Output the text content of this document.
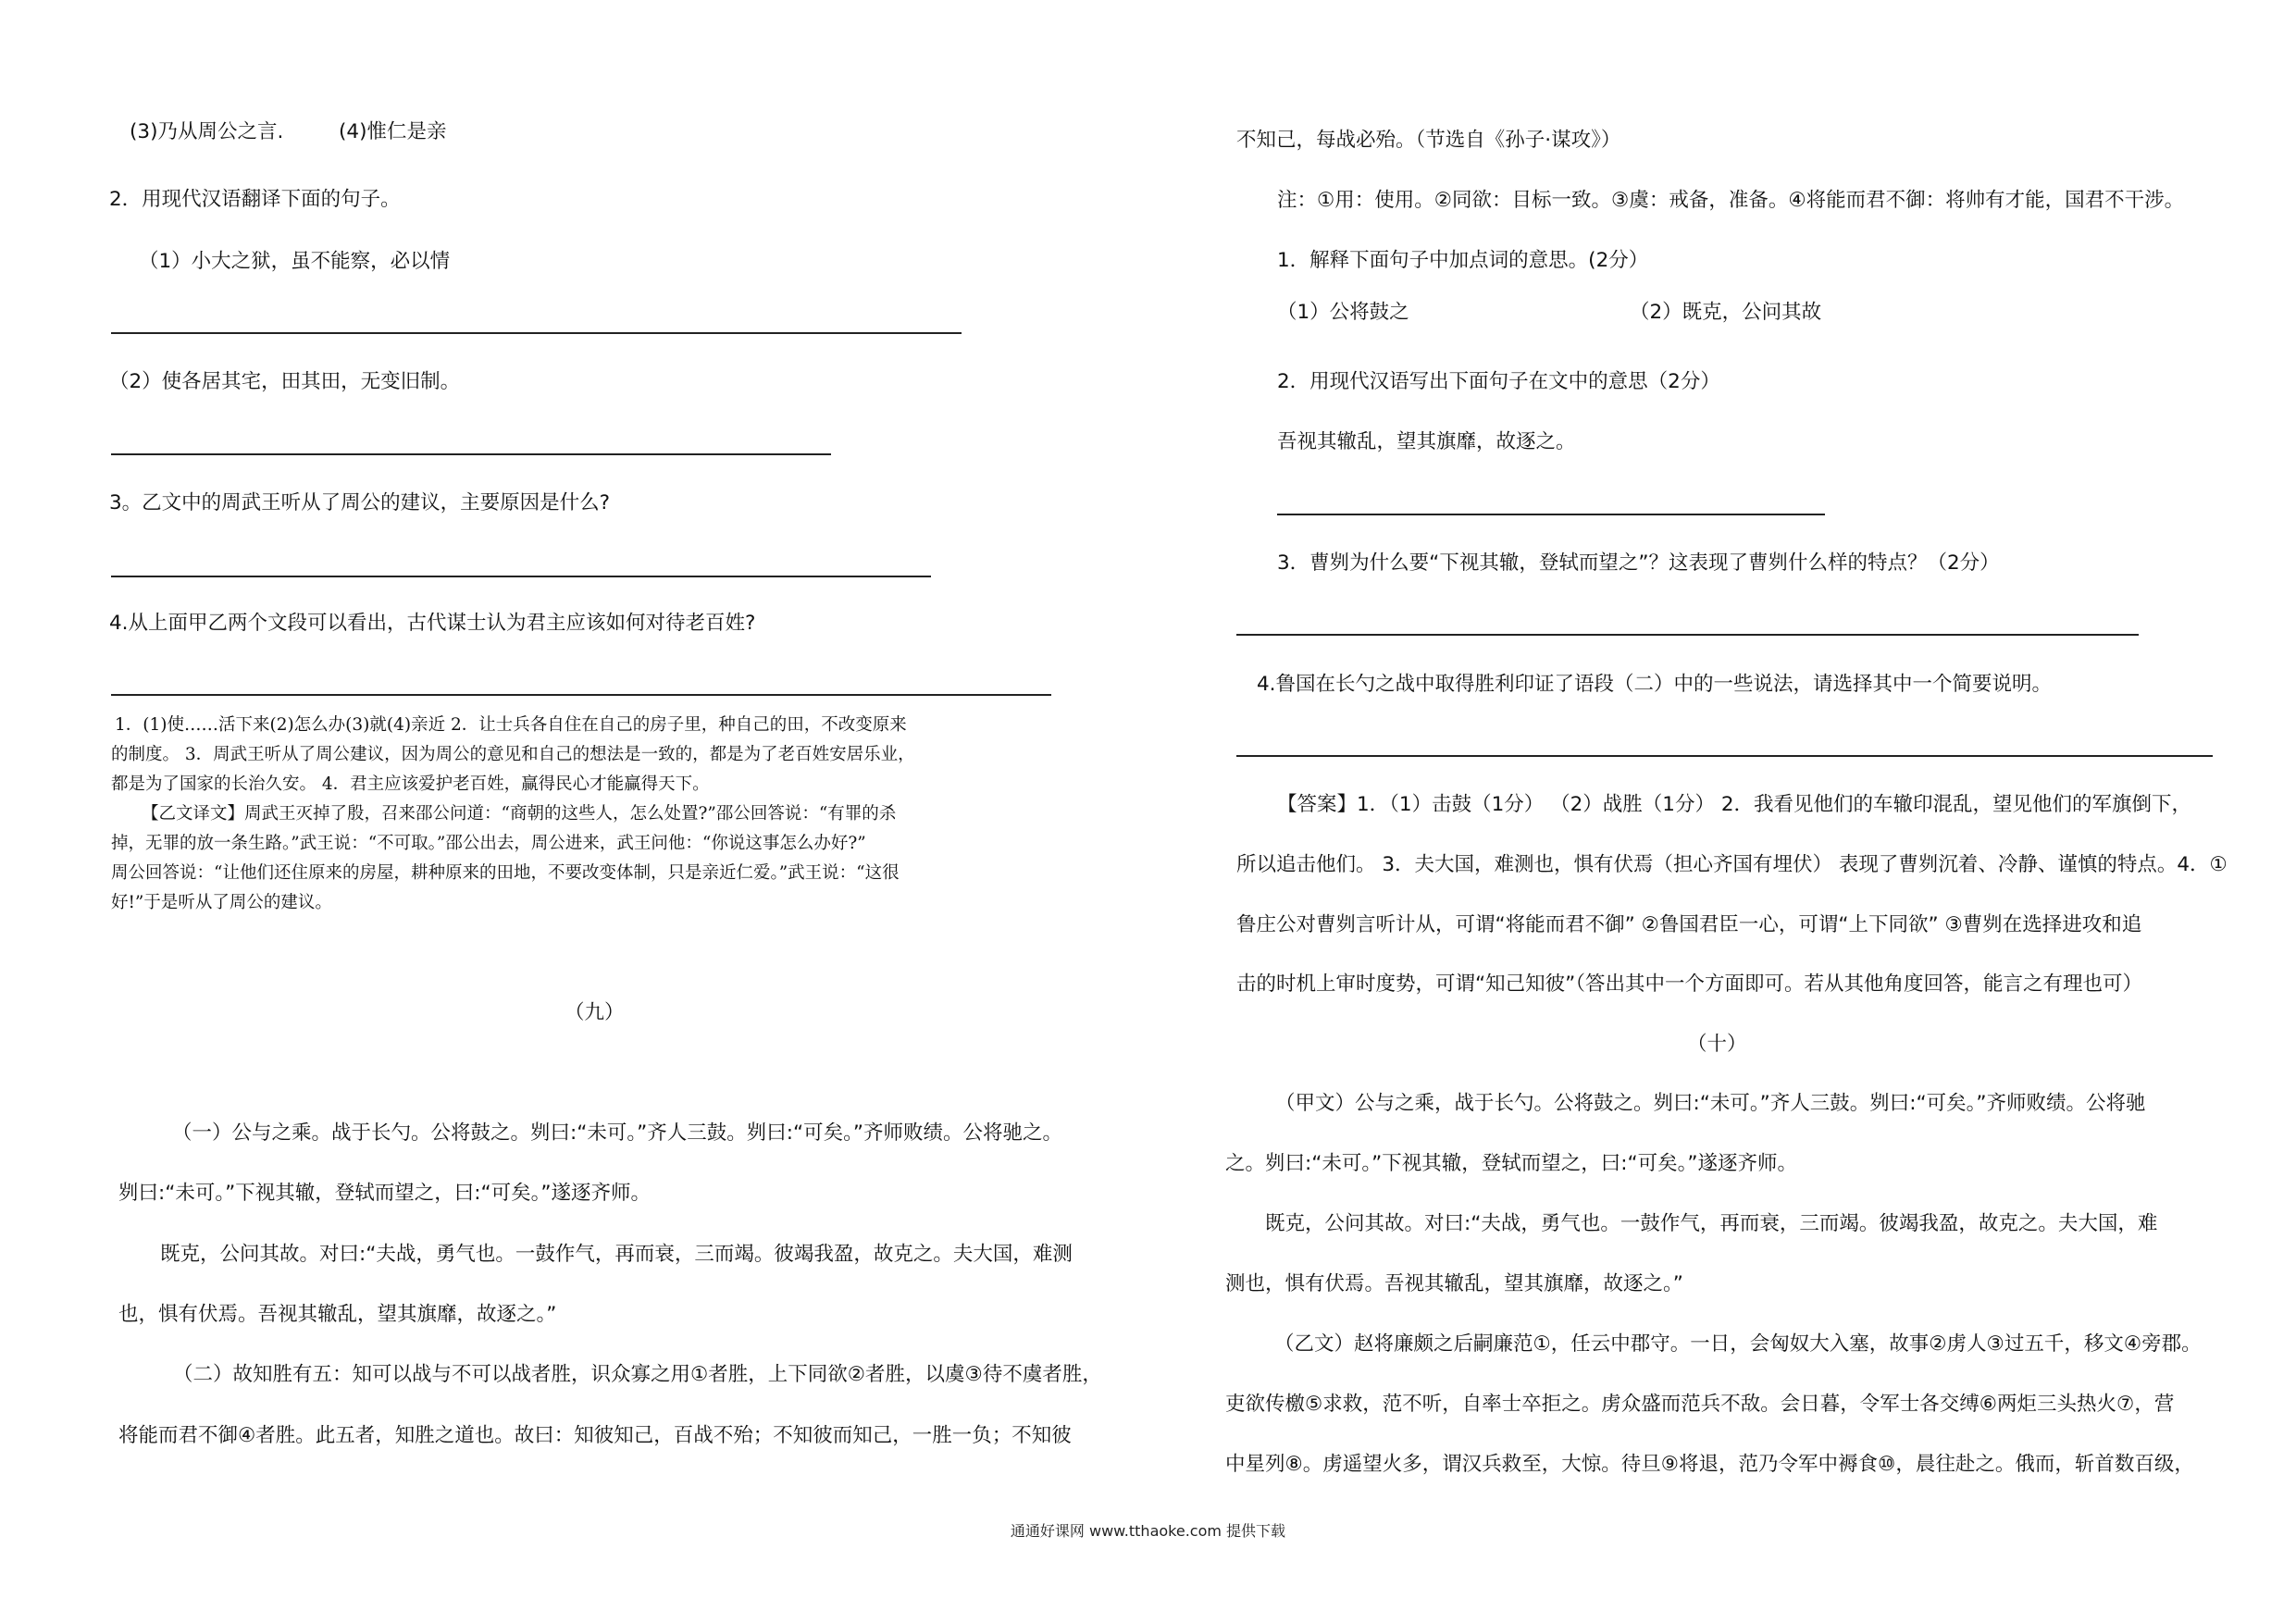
(3)乃从周公之言.	(4)惟仁是亲
2．用现代汉语翻译下面的句子。
（1）小大之狱，虽不能察，必以情
（2）使各居其宅，田其田，无变旧制。
3。乙文中的周武王听从了周公的建议，主要原因是什么?
4.从上面甲乙两个文段可以看出，古代谋士认为君主应该如何对待老百姓?
1．(1)使……活下来(2)怎么办(3)就(4)亲近 2．让士兵各自住在自己的房子里，种自己的田，不改变原来
的制度。 3．周武王听从了周公建议，因为周公的意见和自己的想法是一致的，都是为了老百姓安居乐业，
都是为了国家的长治久安。 4．君主应该爱护老百姓，赢得民心才能赢得天下。
【乙文译文】周武王灭掉了殷，召来邵公问道：“商朝的这些人，怎么处置?”邵公回答说：“有罪的杀
掉，无罪的放一条生路。”武王说：“不可取。”邵公出去，周公进来，武王问他：“你说这事怎么办好?”
周公回答说：“让他们还住原来的房屋，耕种原来的田地，不要改变体制，只是亲近仁爱。”武王说：“这很
好!”于是听从了周公的建议。
（九）
（一）公与之乘。战于长勺。公将鼓之。刿曰:“未可。”齐人三鼓。刿曰:“可矣。”齐师败绩。公将驰之。
刿曰:“未可。”下视其辙，登轼而望之，曰:“可矣。”遂逐齐师。
既克，公问其故。对曰:“夫战，勇气也。一鼓作气，再而衰，三而竭。彼竭我盈，故克之。夫大国，难测
也，惧有伏焉。吾视其辙乱，望其旗靡，故逐之。”
（二）故知胜有五：知可以战与不可以战者胜，识众寡之用①者胜，上下同欲②者胜，以虞③待不虞者胜，
将能而君不御④者胜。此五者，知胜之道也。故曰：知彼知己，百战不殆；不知彼而知己，一胜一负；不知彼
不知己，每战必殆。（节选自《孙子·谋攻》）
注：①用：使用。②同欲：目标一致。③虞：戒备，准备。④将能而君不御：将帅有才能，国君不干涉。
1．解释下面句子中加点词的意思。(2分）
（1）公将鼓之	（2）既克，公问其故
2．用现代汉语写出下面句子在文中的意思（2分）
吾视其辙乱，望其旗靡，故逐之。
3．曹刿为什么要“下视其辙，登轼而望之”？这表现了曹刿什么样的特点？（2分）
4.鲁国在长勺之战中取得胜利印证了语段（二）中的一些说法，请选择其中一个简要说明。
【答案】1．（1）击鼓（1分） （2）战胜（1分） 2．我看见他们的车辙印混乱，望见他们的军旗倒下，
所以追击他们。 3．夫大国，难测也，惧有伏焉（担心齐国有埋伏） 表现了曹刿沉着、冷静、谨慎的特点。4．①
鲁庄公对曹刿言听计从，可谓“将能而君不御” ②鲁国君臣一心，可谓“上下同欲” ③曹刿在选择进攻和追
击的时机上审时度势，可谓“知己知彼”（答出其中一个方面即可。若从其他角度回答，能言之有理也可）
（十）
（甲文）公与之乘，战于长勺。公将鼓之。刿曰:“未可。”齐人三鼓。刿曰:“可矣。”齐师败绩。公将驰
之。刿曰:“未可。”下视其辙，登轼而望之，曰:“可矣。”遂逐齐师。
既克，公问其故。对曰:“夫战，勇气也。一鼓作气，再而衰，三而竭。彼竭我盈，故克之。夫大国，难
测也，惧有伏焉。吾视其辙乱，望其旗靡，故逐之。”
（乙文）赵将廉颇之后嗣廉范①，任云中郡守。一日，会匈奴大入塞，故事②虏人③过五千，移文④旁郡。
吏欲传檄⑤求救，范不听，自率士卒拒之。虏众盛而范兵不敌。会日暮，令军士各交缚⑥两炬三头热火⑦，营
中星列⑧。虏遥望火多，谓汉兵救至，大惊。待旦⑨将退，范乃令军中褥食⑩，晨往赴之。俄而，斩首数百级，
通通好课网 www.tthaoke.com 提供下载
